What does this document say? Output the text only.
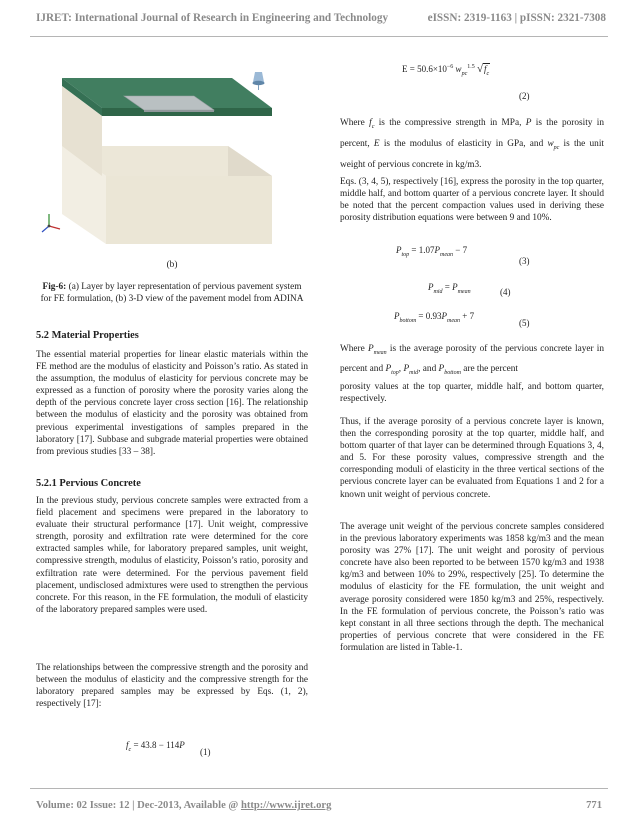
IJRET: International Journal of Research in Engineering and Technology	eISSN: 2319-1163 | pISSN: 2321-7308
(b)
Fig-6: (a) Layer by layer representation of pervious pavement system for FE formulation, (b) 3-D view of the pavement model from ADINA
5.2 Material Properties

The essential material properties for linear elastic materials within the FE method are the modulus of elasticity and Poisson’s ratio. As stated in the assumption, the modulus of elasticity for pervious concrete may be expressed as a function of porosity where the porosity varies along the depth of the pervious concrete layer cross section [16]. The relationship between the modulus of elasticity and the porosity was obtained from previous experimental investigations of samples prepared in the laboratory [17]. Subbase and subgrade material properties were obtained from previous studies [33 – 38].

5.2.1 Pervious Concrete

In the previous study, pervious concrete samples were extracted from a field placement and specimens were prepared in the laboratory to evaluate their structural performance [17]. Unit weight, compressive strength, porosity and exfiltration rate were determined for the core extracted samples while, for laboratory prepared samples, unit weight, compressive strength, modulus of elasticity, Poisson’s ratio, porosity and exfiltration rate were determined. For the pervious pavement field placement, undisclosed admixtures were used to strengthen the pervious concrete. For this reason, in the FE formulation, the moduli of elasticity of the laboratory prepared samples were used.

The relationships between the compressive strength and the porosity and between the modulus of elasticity and the compressive strength for the laboratory prepared samples may be expressed by Eqs. (1, 2), respectively [17]:

$f_c = 43.8 - 114P$
(1)
$E = 50.6\times 10^{-6}$ $w_{pc}^{1.5}$ $√f_c$
(2)
Where $f_c$ is the compressive strength in MPa, P is the porosity in percent, E is the modulus of elasticity in GPa, and $w_{pc}$ is the unit weight of pervious concrete in kg/m3.

Eqs. (3, 4, 5), respectively [16], express the porosity in the top quarter, middle half, and bottom quarter of a pervious concrete layer. It should be noted that the percent compaction values used in deriving these porosity distribution equations were between 9 and 10%.

$P_{top} = 1.07P_{mean} - 7$
(3)
$P_{mid} = P_{mean}$	(4)
$P_{bottom} = 0.93P_{mean} + 7$
(5)
Where $P_{mean}$ is the average porosity of the pervious concrete layer in percent and $P_{top}$, $P_{mid}$, and $P_{bottom}$ are the percent
porosity values at the top quarter, middle half, and bottom quarter, respectively.

Thus, if the average porosity of a pervious concrete layer is known, then the corresponding porosity at the top quarter, middle half, and bottom quarter of that layer can be determined through Equations 3, 4, and 5. For these porosity values, compressive strength and the corresponding moduli of elasticity in the three vertical sections of the pervious concrete layer can be evaluated from Equations 1 and 2 for a known unit weight of pervious concrete.

The average unit weight of the pervious concrete samples considered in the previous laboratory experiments was 1858 kg/m3 and the mean porosity was 27% [17]. The unit weight and porosity of pervious concrete have also been reported to be between 1570 kg/m3 and 1938 kg/m3 and between 10% to 29%, respectively [25]. To determine the modulus of elasticity for the FE formulation, the unit weight and average porosity considered were 1850 kg/m3 and 25%, respectively. In the FE formulation of pervious concrete, the Poisson’s ratio was kept constant in all three sections through the depth. The mechanical properties of pervious concrete that were considered in the FE formulation are listed in Table-1.

Volume: 02 Issue: 12 | Dec-2013, Available @ http://www.ijret.org	771
